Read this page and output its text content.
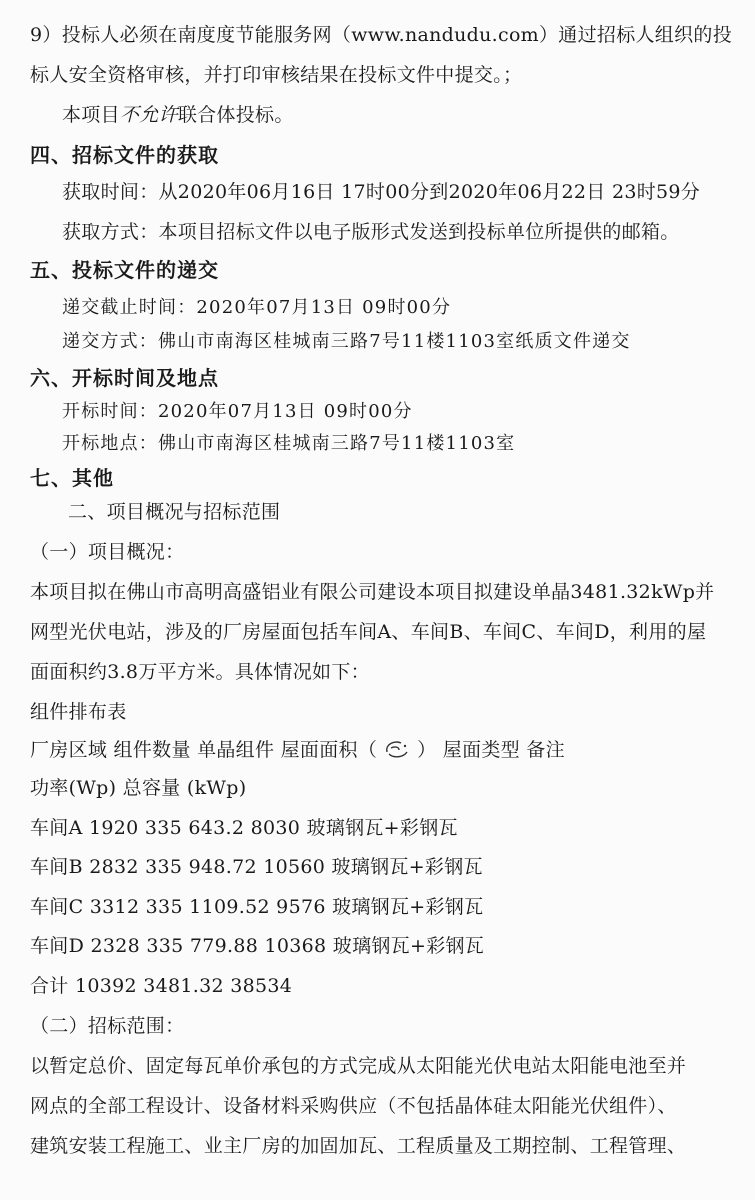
9）投标人必须在南度度节能服务网（www.nandudu.com）通过招标人组织的投
标人安全资格审核，并打印审核结果在投标文件中提交。；
本项目不允许联合体投标。
四、招标文件的获取
获取时间：从2020年06月16日 17时00分到2020年06月22日 23时59分
获取方式：本项目招标文件以电子版形式发送到投标单位所提供的邮箱。
五、投标文件的递交
递交截止时间：2020年07月13日 09时00分
递交方式：佛山市南海区桂城南三路7号11楼1103室纸质文件递交
六、开标时间及地点
开标时间：2020年07月13日 09时00分
开标地点：佛山市南海区桂城南三路7号11楼1103室
七、其他
二、项目概况与招标范围
（一）项目概况：
本项目拟在佛山市高明高盛铝业有限公司建设本项目拟建设单晶3481.32kWp并
网型光伏电站，涉及的厂房屋面包括车间A、车间B、车间C、车间D，利用的屋
面面积约3.8万平方米。具体情况如下：
组件排布表
厂房区域 组件数量 单晶组件 屋面面积（ ） 屋面类型 备注
功率(Wp) 总容量 (kWp)
车间A 1920 335 643.2 8030 玻璃钢瓦+彩钢瓦
车间B 2832 335 948.72 10560 玻璃钢瓦+彩钢瓦
车间C 3312 335 1109.52 9576 玻璃钢瓦+彩钢瓦
车间D 2328 335 779.88 10368 玻璃钢瓦+彩钢瓦
合计 10392 3481.32 38534
（二）招标范围：
以暂定总价、固定每瓦单价承包的方式完成从太阳能光伏电站太阳能电池至并
网点的全部工程设计、设备材料采购供应（不包括晶体硅太阳能光伏组件）、
建筑安装工程施工、业主厂房的加固加瓦、工程质量及工期控制、工程管理、
